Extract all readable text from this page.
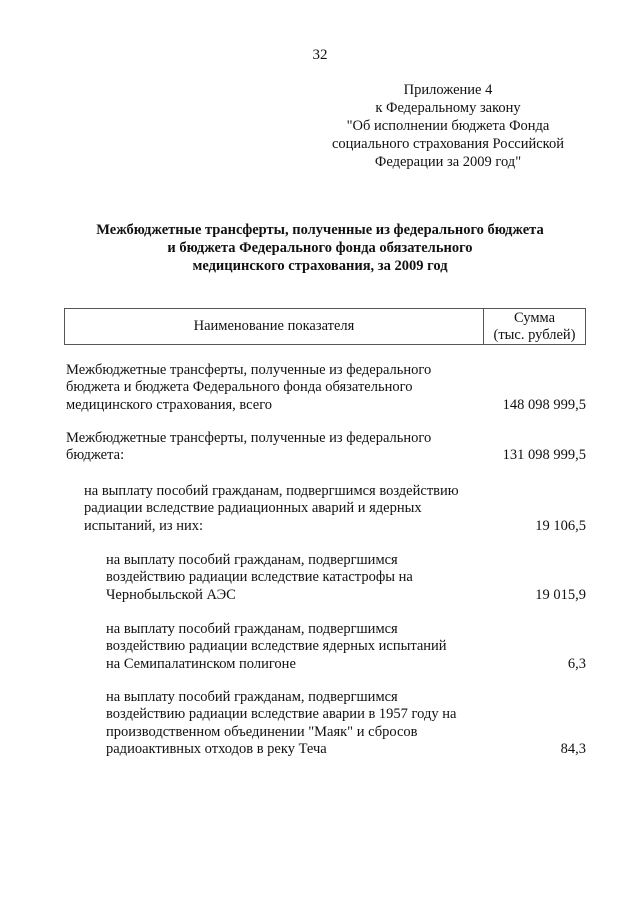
32
Приложение 4
к Федеральному закону
"Об исполнении бюджета Фонда
социального страхования Российской
Федерации за 2009 год"
Межбюджетные трансферты, полученные из федерального бюджета
и бюджета Федерального фонда обязательного
медицинского страхования, за 2009 год
Наименование показателя	Сумма
(тыс. рублей)
Межбюджетные трансферты, полученные из федерального
бюджета и бюджета Федерального фонда обязательного
медицинского страхования, всего	148 098 999,5
Межбюджетные трансферты, полученные из федерального
бюджета:	131 098 999,5
на выплату пособий гражданам, подвергшимся воздействию
радиации вследствие радиационных аварий и ядерных
испытаний, из них:	19 106,5
на выплату пособий гражданам, подвергшимся
воздействию радиации вследствие катастрофы на
Чернобыльской АЭС	19 015,9
на выплату пособий гражданам, подвергшимся
воздействию радиации вследствие ядерных испытаний
на Семипалатинском полигоне	6,3
на выплату пособий гражданам, подвергшимся
воздействию радиации вследствие аварии в 1957 году на
производственном объединении "Маяк" и сбросов
радиоактивных отходов в реку Теча	84,3
